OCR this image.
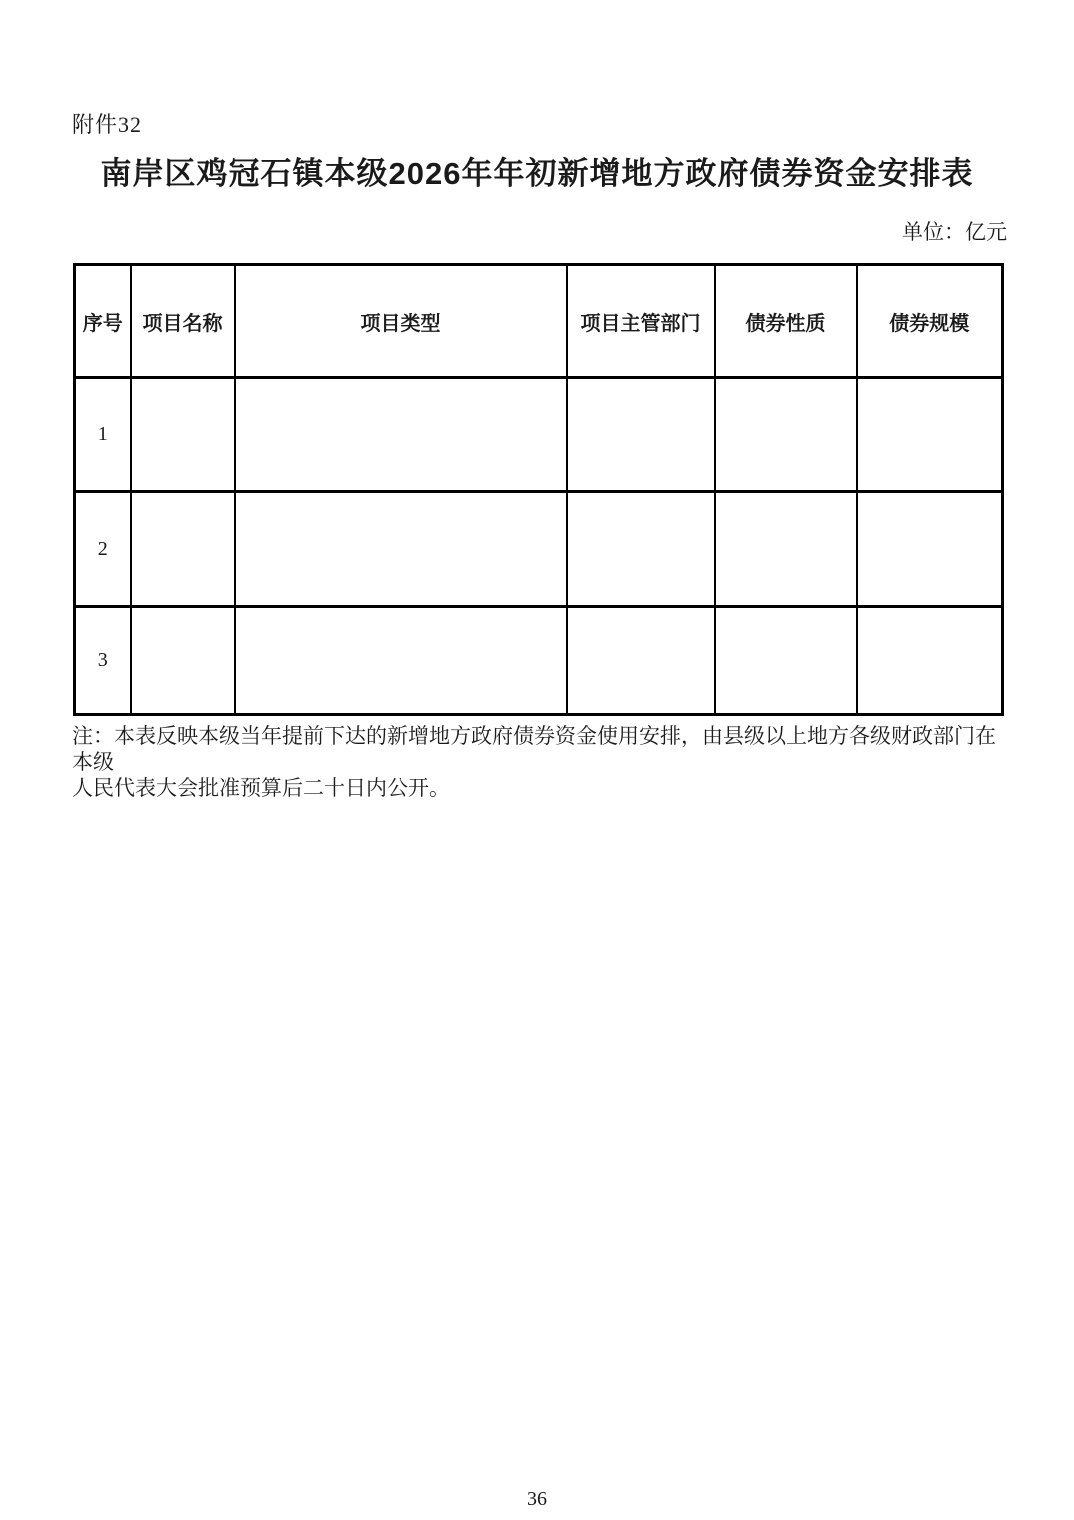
附件32
南岸区鸡冠石镇本级2026年年初新增地方政府债券资金安排表
单位：亿元
序号	项目名称	项目类型	项目主管部门	债券性质	债券规模
1					
2					
3					
注：本表反映本级当年提前下达的新增地方政府债券资金使用安排，由县级以上地方各级财政部门在本级
人民代表大会批准预算后二十日内公开。
36
